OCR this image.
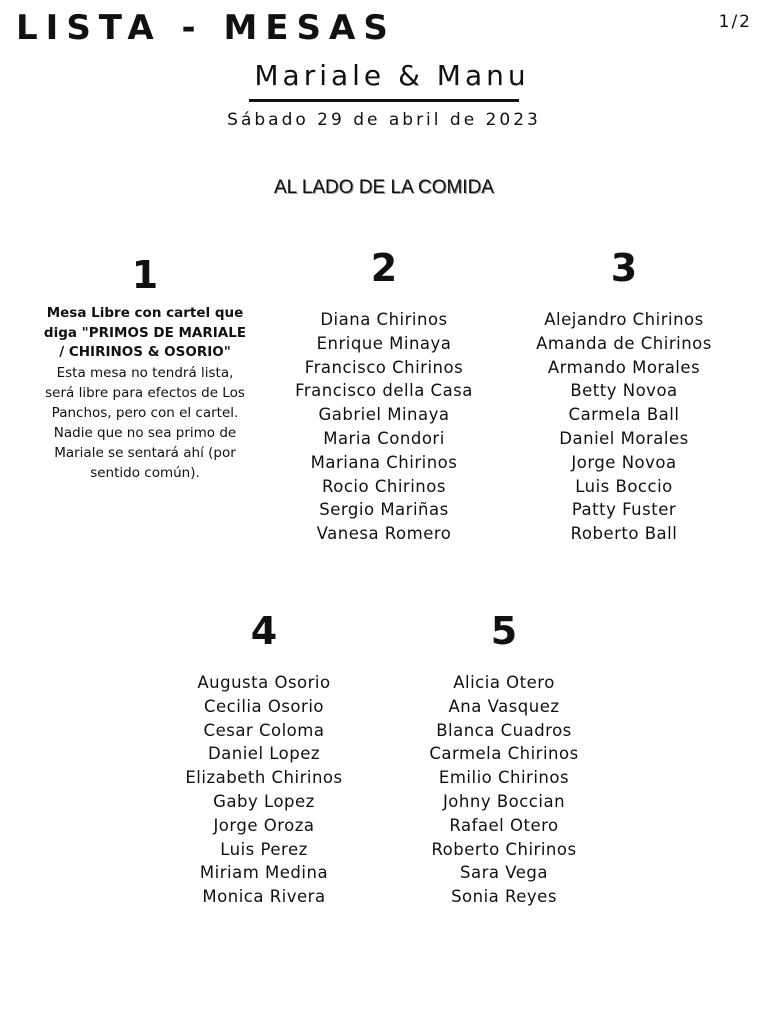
LISTA - MESAS	1/2
Mariale & Manu
Sábado 29 de abril de 2023
AL LADO DE LA COMIDA
1

Mesa Libre con cartel que diga "PRIMOS DE MARIALE / CHIRINOS & OSORIO"

Esta mesa no tendrá lista, será libre para efectos de Los Panchos, pero con el cartel. Nadie que no sea primo de Mariale se sentará ahí (por sentido común).

2
Diana Chirinos
Enrique Minaya
Francisco Chirinos
Francisco della Casa
Gabriel Minaya
Maria Condori
Mariana Chirinos
Rocio Chirinos
Sergio Mariñas
Vanesa Romero
3
Alejandro Chirinos
Amanda de Chirinos
Armando Morales
Betty Novoa
Carmela Ball
Daniel Morales
Jorge Novoa
Luis Boccio
Patty Fuster
Roberto Ball
4
Augusta Osorio
Cecilia Osorio
Cesar Coloma
Daniel Lopez
Elizabeth Chirinos
Gaby Lopez
Jorge Oroza
Luis Perez
Miriam Medina
Monica Rivera
5
Alicia Otero
Ana Vasquez
Blanca Cuadros
Carmela Chirinos
Emilio Chirinos
Johny Boccian
Rafael Otero
Roberto Chirinos
Sara Vega
Sonia Reyes
